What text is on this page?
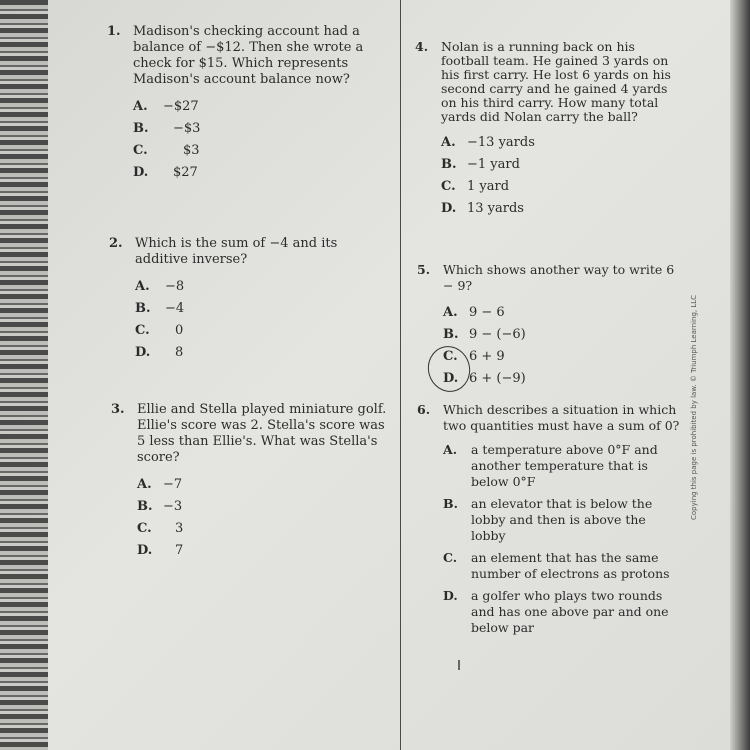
1. Madison's checking account had a balance of −$12. Then she wrote a check for $15. Which represents Madison's account balance now?

A. −$27
B. −$3
C.	$3
D. $27
2. Which is the sum of −4 and its additive inverse?

A. −8
B. −4
C. 0
D. 8
3. Ellie and Stella played miniature golf. Ellie's score was 2. Stella's score was 5 less than Ellie's. What was Stella's score?

A. −7
B. −3
C. 3
D. 7
4. Nolan is a running back on his football team. He gained 3 yards on his first carry. He lost 6 yards on his second carry and he gained 4 yards on his third carry. How many total yards did Nolan carry the ball?

A. −13 yards
B. −1 yard
C. 1 yard
D. 13 yards
5. Which shows another way to write 6 − 9?

A. 9 − 6
B. 9 − (−6)
C. 6 + 9
D. 6 + (−9)
6. Which describes a situation in which two quantities must have a sum of 0?

A. a temperature above 0°F and another temperature that is below 0°F
B. an elevator that is below the lobby and then is above the lobby
C. an element that has the same number of electrons as protons
D. a golfer who plays two rounds and has one above par and one below par
Copying this page is prohibited by law. © Triumph Learning, LLC
